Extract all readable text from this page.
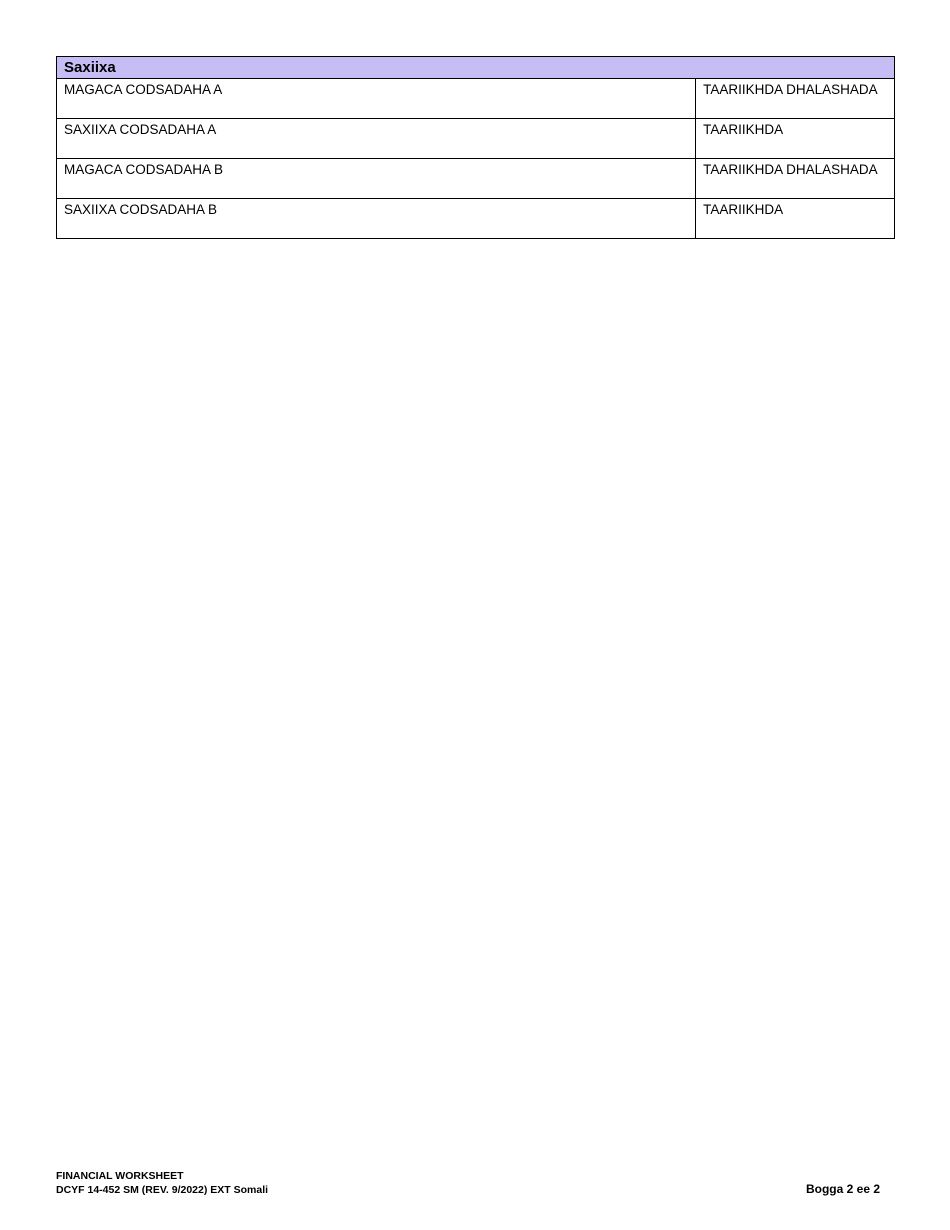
Saxiixa	
MAGACA CODSADAHA A	TAARIIKHDA DHALASHADA
SAXIIXA CODSADAHA A	TAARIIKHDA
MAGACA CODSADAHA B	TAARIIKHDA DHALASHADA
SAXIIXA CODSADAHA B	TAARIIKHDA
FINANCIAL WORKSHEET
DCYF 14-452 SM (REV. 9/2022) EXT Somali	Bogga 2 ee 2
